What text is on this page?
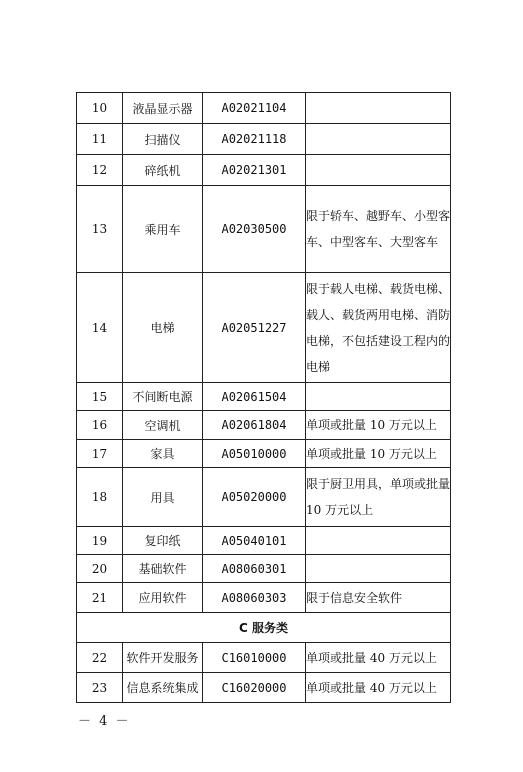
10	液晶显示器	A02021104	
11	扫描仪	A02021118	
12	碎纸机	A02021301	
13	乘用车	A02030500	限于轿车、越野车、小型客车、中型客车、大型客车
14	电梯	A02051227	限于载人电梯、载货电梯、载人、载货两用电梯、消防电梯，不包括建设工程内的电梯
15	不间断电源	A02061504	
16	空调机	A02061804	单项或批量 10 万元以上
17	家具	A05010000	单项或批量 10 万元以上
18	用具	A05020000	限于厨卫用具，单项或批量 10 万元以上
19	复印纸	A05040101	
20	基础软件	A08060301	
21	应用软件	A08060303	限于信息安全软件
C 服务类			
22	软件开发服务	C16010000	单项或批量 40 万元以上
23	信息系统集成	C16020000	单项或批量 40 万元以上
－ 4 －
